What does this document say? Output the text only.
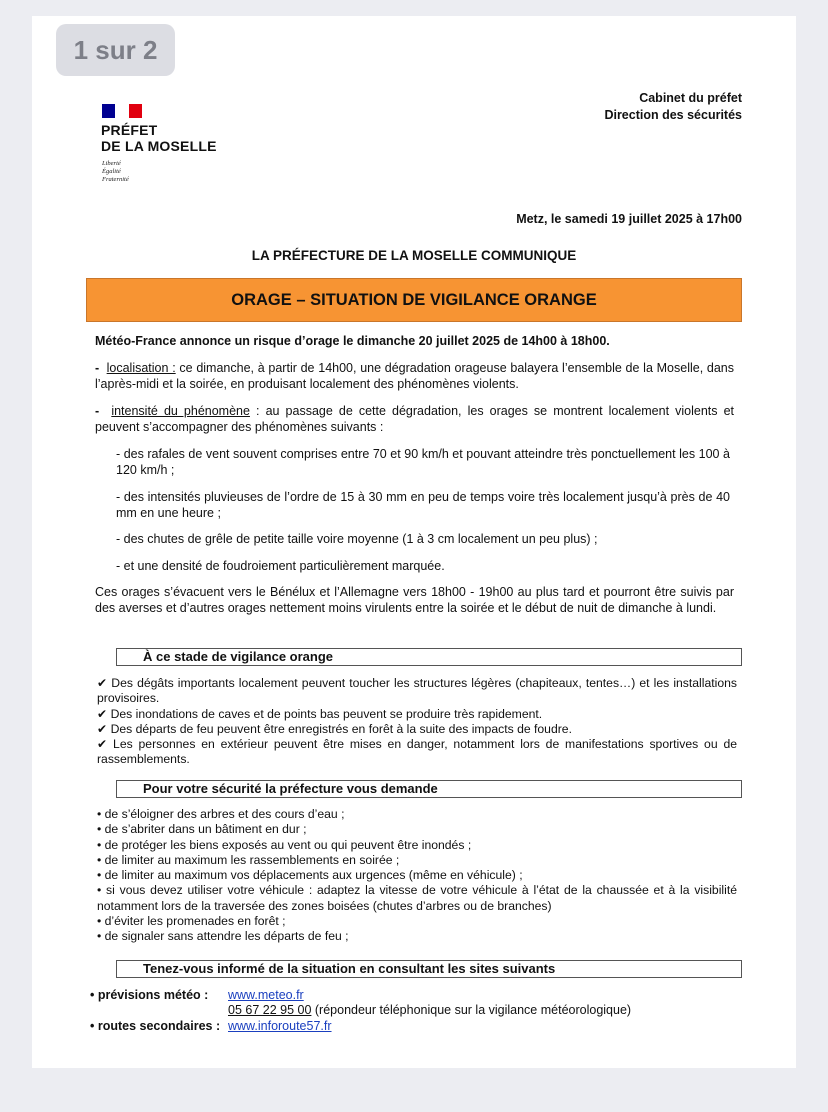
1 sur 2
PRÉFET
DE LA MOSELLE
Liberté
Égalité
Fraternité
Cabinet du préfet
Direction des sécurités
Metz, le samedi 19 juillet 2025 à 17h00
LA PRÉFECTURE DE LA MOSELLE COMMUNIQUE
ORAGE – SITUATION DE VIGILANCE ORANGE
Météo-France annonce un risque d’orage le dimanche 20 juillet 2025 de 14h00 à 18h00.
-  localisation : ce dimanche, à partir de 14h00, une dégradation orageuse balayera l’ensemble de la Moselle, dans l’après-midi et la soirée, en produisant localement des phénomènes violents.
-  intensité du phénomène : au passage de cette dégradation, les orages se montrent localement violents et peuvent s’accompagner des phénomènes suivants :
- des rafales de vent souvent comprises entre 70 et 90 km/h et pouvant atteindre très ponctuellement les 100 à 120 km/h ;
- des intensités pluvieuses de l’ordre de 15 à 30 mm en peu de temps voire très localement jusqu’à près de 40 mm en une heure ;
- des chutes de grêle de petite taille voire moyenne (1 à 3 cm localement un peu plus) ;
- et une densité de foudroiement particulièrement marquée.
Ces orages s’évacuent vers le Bénélux et l’Allemagne vers 18h00 - 19h00 au plus tard et pourront être suivis par des averses et d’autres orages nettement moins virulents entre la soirée et le début de nuit de dimanche à lundi.
À ce stade de vigilance orange
✔ Des dégâts importants localement peuvent toucher les structures légères (chapiteaux, tentes…) et les installations provisoires.
✔ Des inondations de caves et de points bas peuvent se produire très rapidement.
✔ Des départs de feu peuvent être enregistrés en forêt à la suite des impacts de foudre.
✔ Les personnes en extérieur peuvent être mises en danger, notamment lors de manifestations sportives ou de rassemblements.
Pour votre sécurité la préfecture vous demande
• de s’éloigner des arbres et des cours d’eau ;
• de s’abriter dans un bâtiment en dur ;
• de protéger les biens exposés au vent ou qui peuvent être inondés ;
• de limiter au maximum les rassemblements en soirée ;
• de limiter au maximum vos déplacements aux urgences (même en véhicule) ;
• si vous devez utiliser votre véhicule : adaptez la vitesse de votre véhicule à l’état de la chaussée et à la visibilité notamment lors de la traversée des zones boisées (chutes d’arbres ou de branches)
• d’éviter les promenades en forêt ;
• de signaler sans attendre les départs de feu ;
Tenez-vous informé de la situation en consultant les sites suivants
• prévisions météo : www.meteo.fr
05 67 22 95 00 (répondeur téléphonique sur la vigilance météorologique)
• routes secondaires : www.inforoute57.fr
